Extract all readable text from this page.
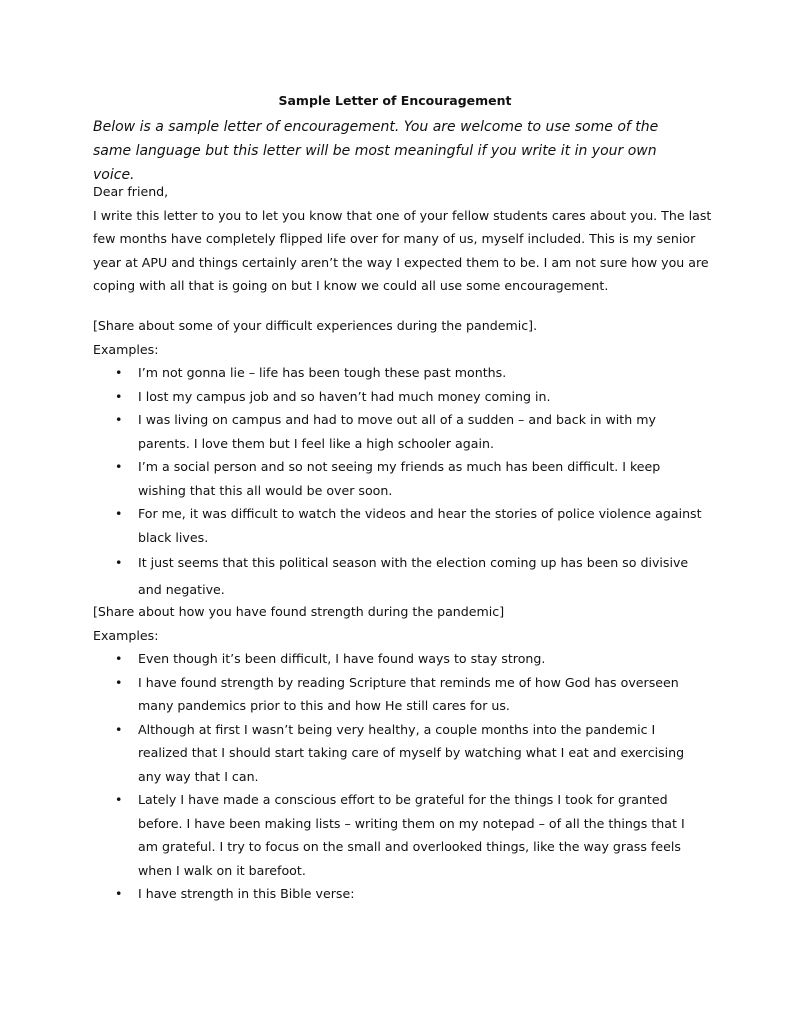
Sample Letter of Encouragement
Below is a sample letter of encouragement. You are welcome to use some of the same language but this letter will be most meaningful if you write it in your own voice.

Dear friend,

I write this letter to you to let you know that one of your fellow students cares about you. The last few months have completely flipped life over for many of us, myself included. This is my senior year at APU and things certainly aren’t the way I expected them to be. I am not sure how you are coping with all that is going on but I know we could all use some encouragement.

[Share about some of your difficult experiences during the pandemic].

Examples:

• I’m not gonna lie – life has been tough these past months.
• I lost my campus job and so haven’t had much money coming in.
• I was living on campus and had to move out all of a sudden – and back in with my parents. I love them but I feel like a high schooler again.
• I’m a social person and so not seeing my friends as much has been difficult. I keep wishing that this all would be over soon.
• For me, it was difficult to watch the videos and hear the stories of police violence against black lives.
• It just seems that this political season with the election coming up has been so divisive and negative.

[Share about how you have found strength during the pandemic]

Examples:

• Even though it’s been difficult, I have found ways to stay strong.
• I have found strength by reading Scripture that reminds me of how God has overseen many pandemics prior to this and how He still cares for us.
• Although at first I wasn’t being very healthy, a couple months into the pandemic I realized that I should start taking care of myself by watching what I eat and exercising any way that I can.
• Lately I have made a conscious effort to be grateful for the things I took for granted before. I have been making lists – writing them on my notepad – of all the things that I am grateful. I try to focus on the small and overlooked things, like the way grass feels when I walk on it barefoot.
• I have strength in this Bible verse:
